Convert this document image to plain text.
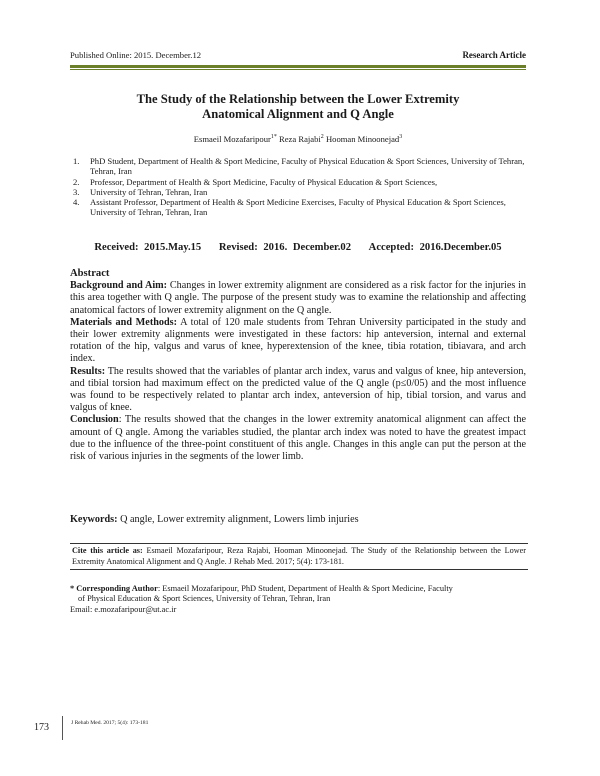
Published Online: 2015. December.12	Research Article
The Study of the Relationship between the Lower Extremity
Anatomical Alignment and Q Angle
Esmaeil Mozafaripour$^{1*}$ Reza Rajabi$^2$ Hooman Minoonejad$^3$
1. PhD Student, Department of Health & Sport Medicine, Faculty of Physical Education & Sport Sciences, University of Tehran, Tehran, Iran
2. Professor, Department of Health & Sport Medicine, Faculty of Physical Education & Sport Sciences,
3. University of Tehran, Tehran, Iran
4. Assistant Professor, Department of Health & Sport Medicine Exercises, Faculty of Physical Education & Sport Sciences, University of Tehran, Tehran, Iran
Received: 2015.May.15 Revised: 2016. December.02 Accepted: 2016.December.05
Abstract

Background and Aim: Changes in lower extremity alignment are considered as a risk factor for the injuries in this area together with Q angle. The purpose of the present study was to examine the relationship and affecting anatomical factors of lower extremity alignment on the Q angle.

Materials and Methods: A total of 120 male students from Tehran University participated in the study and their lower extremity alignments were investigated in these factors: hip anteversion, internal and external rotation of the hip, valgus and varus of knee, hyperextension of the knee, tibia rotation, tibiavara, and arch index.

Results: The results showed that the variables of plantar arch index, varus and valgus of knee, hip anteversion, and tibial torsion had maximum effect on the predicted value of the Q angle (p≤0/05) and the most influence was found to be respectively related to plantar arch index, anteversion of hip, tibial torsion, and varus and valgus of knee.

Conclusion: The results showed that the changes in the lower extremity anatomical alignment can affect the amount of Q angle. Among the variables studied, the plantar arch index was noted to have the greatest impact due to the influence of the three-point constituent of this angle. Changes in this angle can put the person at the risk of various injuries in the segments of the lower limb.

Keywords: Q angle, Lower extremity alignment, Lowers limb injuries
Cite this article as: Esmaeil Mozafaripour, Reza Rajabi, Hooman Minoonejad. The Study of the Relationship between the Lower Extremity Anatomical Alignment and Q Angle. J Rehab Med. 2017; 5(4): 173-181.
* Corresponding Author: Esmaeil Mozafaripour, PhD Student, Department of Health & Sport Medicine, Faculty
of Physical Education & Sport Sciences, University of Tehran, Tehran, Iran
Email: e.mozafaripour@ut.ac.ir
173	J Rehab Med. 2017; 5(4): 173-181
